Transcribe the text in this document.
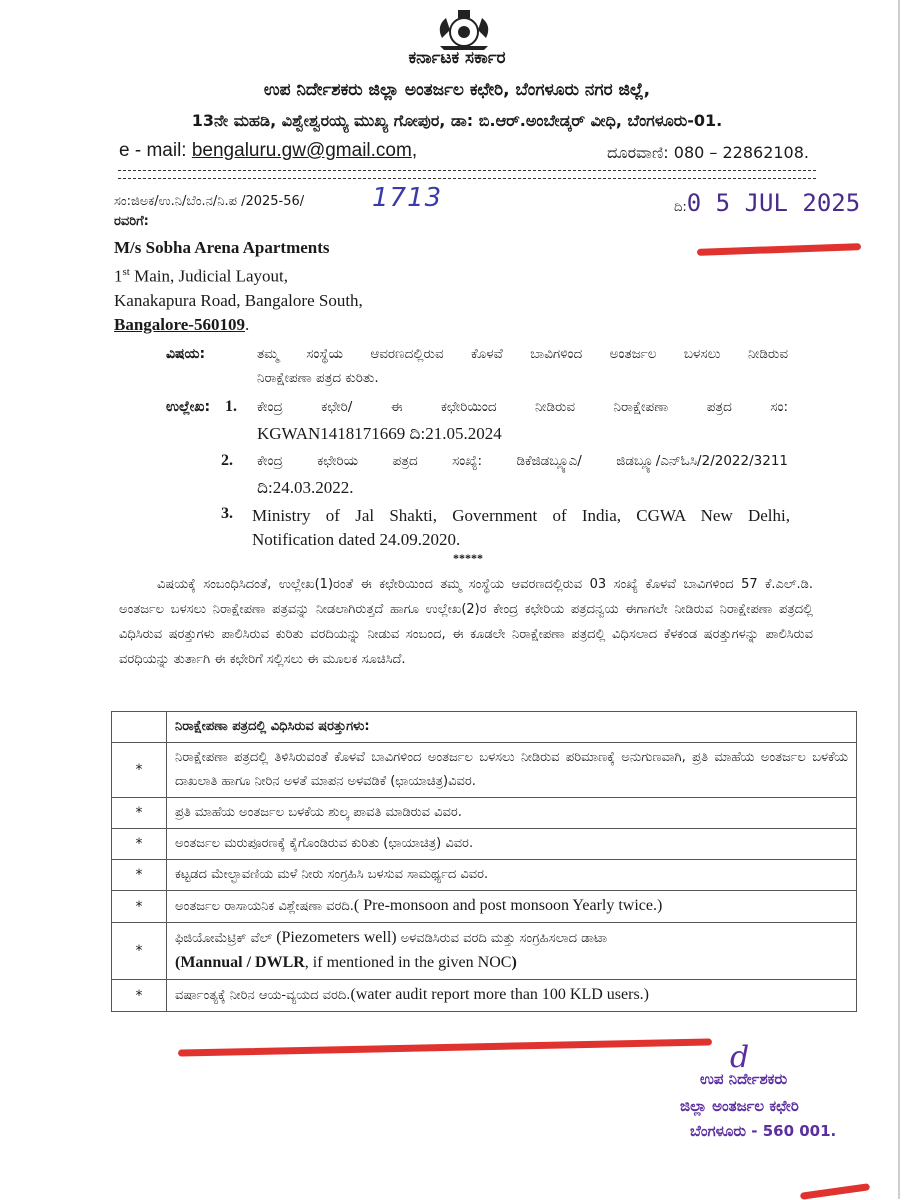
ಕರ್ನಾಟಕ ಸರ್ಕಾರ
ಉಪ ನಿರ್ದೇಶಕರು ಜಿಲ್ಲಾ ಅಂತರ್ಜಲ ಕಛೇರಿ, ಬೆಂಗಳೂರು ನಗರ ಜಿಲ್ಲೆ,
13ನೇ ಮಹಡಿ, ವಿಶ್ವೇಶ್ವರಯ್ಯ ಮುಖ್ಯ ಗೋಪುರ, ಡಾ: ಬಿ.ಆರ್.ಅಂಬೇಡ್ಕರ್ ವೀಧಿ, ಬೆಂಗಳೂರು-01.
e - mail: bengaluru.gw@gmail.com,	ದೂರವಾಣಿ: 080 – 22862108.
ಸಂ:ಜಿಅಕ/ಉ.ನಿ/ಬೆಂ.ನ/ನಿ.ಪ /2025-56/	1713	ದಿ:0 5 JUL 2025
ರವರಿಗೆ:
M/s Sobha Arena Apartments
1st Main, Judicial Layout,
Kanakapura Road, Bangalore South,
Bangalore-560109.
ವಿಷಯ:	ತಮ್ಮ ಸಂಸ್ಥೆಯ ಆವರಣದಲ್ಲಿರುವ ಕೊಳವೆ ಬಾವಿಗಳಿಂದ ಅಂತರ್ಜಲ ಬಳಸಲು ನೀಡಿರುವ
ನಿರಾಕ್ಷೇಪಣಾ ಪತ್ರದ ಕುರಿತು.
ಉಲ್ಲೇಖ: 1. ಕೇಂದ್ರ ಕಛೇರಿ/ ಈ ಕಛೇರಿಯಿಂದ ನೀಡಿರುವ ನಿರಾಕ್ಷೇಪಣಾ ಪತ್ರದ ಸಂ:
KGWAN1418171669 ದಿ:21.05.2024
2. ಕೇಂದ್ರ ಕಛೇರಿಯ ಪತ್ರದ ಸಂಖ್ಯೆ: ಡಿಕೆಜಿಡಬ್ಲ್ಯೂಎ/ ಜಿಡಬ್ಲ್ಯೂ/ಎನ್‌ಓಸಿ/2/2022/3211
ದಿ:24.03.2022.
3. Ministry of Jal Shakti, Government of India, CGWA New Delhi,
Notification dated 24.09.2020.
*****
ವಿಷಯಕ್ಕೆ ಸಂಬಂಧಿಸಿದಂತೆ, ಉಲ್ಲೇಖ(1)ರಂತೆ ಈ ಕಛೇರಿಯಿಂದ ತಮ್ಮ ಸಂಸ್ಥೆಯ ಆವರಣದಲ್ಲಿರುವ 03 ಸಂಖ್ಯೆ ಕೊಳವೆ ಬಾವಿಗಳಿಂದ 57 ಕೆ.ಎಲ್.ಡಿ. ಅಂತರ್ಜಲ ಬಳಸಲು ನಿರಾಕ್ಷೇಪಣಾ ಪತ್ರವನ್ನು ನೀಡಲಾಗಿರುತ್ತದೆ ಹಾಗೂ ಉಲ್ಲೇಖ(2)ರ ಕೇಂದ್ರ ಕಛೇರಿಯ ಪತ್ರದನ್ವಯ ಈಗಾಗಲೇ ನೀಡಿರುವ ನಿರಾಕ್ಷೇಪಣಾ ಪತ್ರದಲ್ಲಿ ವಿಧಿಸಿರುವ ಷರತ್ತುಗಳು ಪಾಲಿಸಿರುವ ಕುರಿತು ವರದಿಯನ್ನು ನೀಡುವ ಸಂಬಂದ, ಈ ಕೂಡಲೇ ನಿರಾಕ್ಷೇಪಣಾ ಪತ್ರದಲ್ಲಿ ವಿಧಿಸಲಾದ ಕೆಳಕಂಡ ಷರತ್ತುಗಳನ್ನು ಪಾಲಿಸಿರುವ ವರಧಿಯನ್ನು ತುರ್ತಾಗಿ ಈ ಕಛೇರಿಗೆ ಸಲ್ಲಿಸಲು ಈ ಮೂಲಕ ಸೂಚಿಸಿದೆ.
	ನಿರಾಕ್ಷೇಪಣಾ ಪತ್ರದಲ್ಲಿ ವಿಧಿಸಿರುವ ಷರತ್ತುಗಳು:
*	ನಿರಾಕ್ಷೇಪಣಾ ಪತ್ರದಲ್ಲಿ ತಿಳಿಸಿರುವಂತೆ ಕೊಳವೆ ಬಾವಿಗಳಿಂದ ಅಂತರ್ಜಲ ಬಳಸಲು ನೀಡಿರುವ ಪರಿಮಾಣಕ್ಕೆ ಅನುಗುಣವಾಗಿ, ಪ್ರತಿ ಮಾಹೆಯ ಅಂತರ್ಜಲ ಬಳಕೆಯ ದಾಖಲಾತಿ ಹಾಗೂ ನೀರಿನ ಅಳತೆ ಮಾಪನ ಅಳವಡಿಕೆ (ಛಾಯಾಚಿತ್ರ)ವಿವರ.
*	ಪ್ರತಿ ಮಾಹೆಯ ಅಂತರ್ಜಲ ಬಳಕೆಯ ಶುಲ್ಕ ಪಾವತಿ ಮಾಡಿರುವ ವಿವರ.
*	ಅಂತರ್ಜಲ ಮರುಪೂರಣಕ್ಕೆ ಕೈಗೊಂಡಿರುವ ಕುರಿತು (ಛಾಯಾಚಿತ್ರ) ವಿವರ.
*	ಕಟ್ಟಡದ ಮೇಲ್ಛಾವಣಿಯ ಮಳೆ ನೀರು ಸಂಗ್ರಹಿಸಿ ಬಳಸುವ ಸಾಮರ್ಥ್ಯದ ವಿವರ.
*	ಅಂತರ್ಜಲ ರಾಸಾಯನಿಕ ವಿಶ್ಲೇಷಣಾ ವರದಿ.( Pre-monsoon and post monsoon Yearly twice.)
*	ಫಿಜಿಯೋಮೆಟ್ರಿಕ್ ವೆಲ್ (Piezometers well) ಅಳವಡಿಸಿರುವ ವರದಿ ಮತ್ತು ಸಂಗ್ರಹಿಸಲಾದ ಡಾಟಾ
(Mannual / DWLR, if mentioned in the given NOC)
*	ವರ್ಷಾಂತ್ಯಕ್ಕೆ ನೀರಿನ ಆಯ-ವ್ಯಯದ ವರದಿ.(water audit report more than 100 KLD users.)
d
ಉಪ ನಿರ್ದೇಶಕರು
ಜಿಲ್ಲಾ ಅಂತರ್ಜಲ ಕಛೇರಿ
ಬೆಂಗಳೂರು - 560 001.
